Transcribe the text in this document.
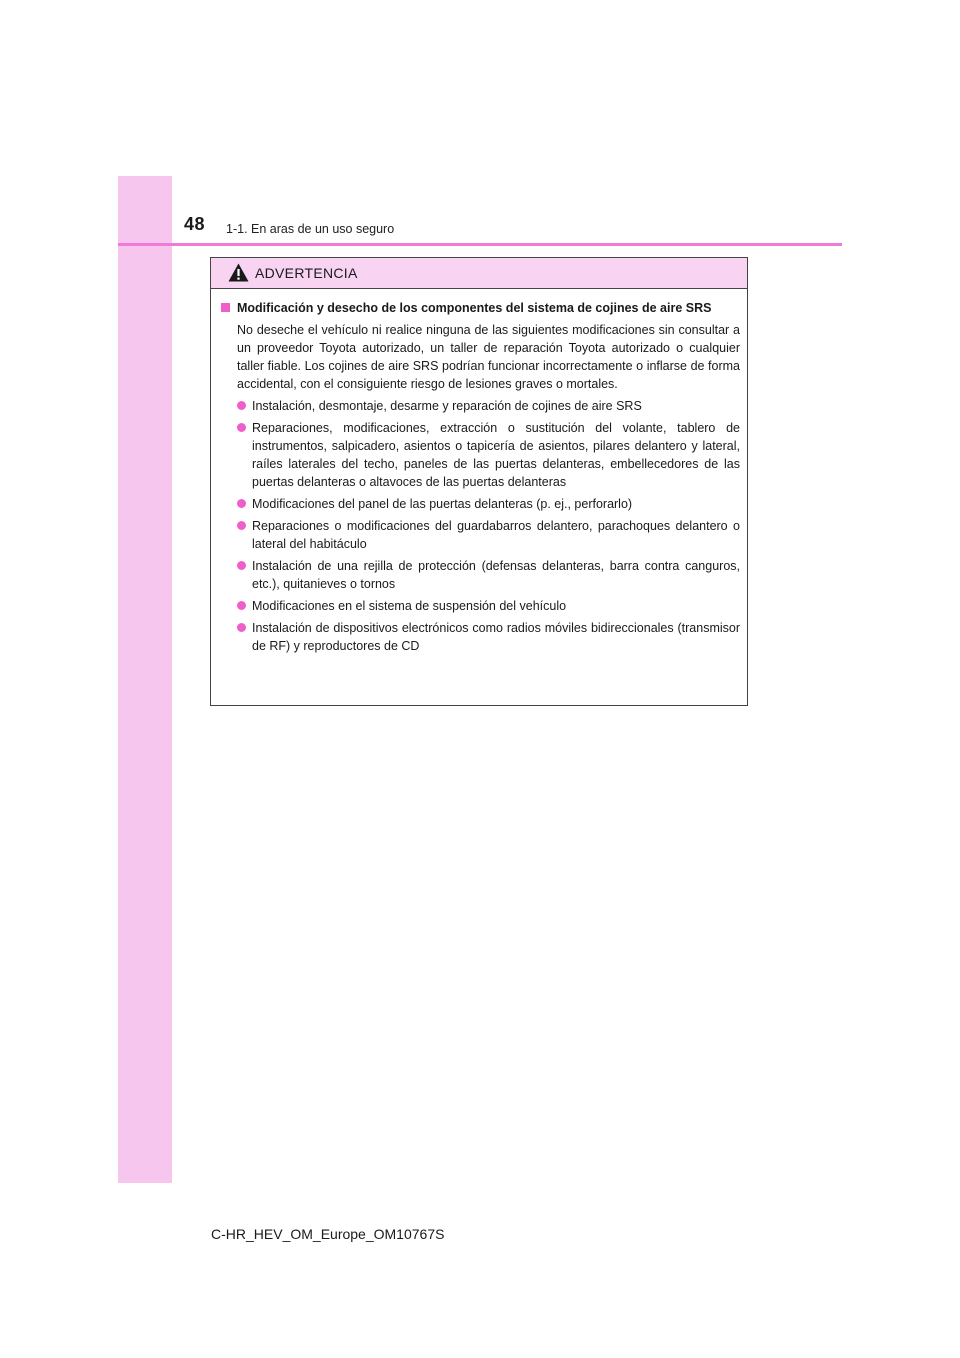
48 1-1. En aras de un uso seguro
ADVERTENCIA
Modificación y desecho de los componentes del sistema de cojines de aire SRS

No deseche el vehículo ni realice ninguna de las siguientes modificaciones sin consultar a un proveedor Toyota autorizado, un taller de reparación Toyota autorizado o cualquier taller fiable. Los cojines de aire SRS podrían funcionar incorrectamente o inflarse de forma accidental, con el consiguiente riesgo de lesiones graves o mortales.

Instalación, desmontaje, desarme y reparación de cojines de aire SRS
Reparaciones, modificaciones, extracción o sustitución del volante, tablero de instrumentos, salpicadero, asientos o tapicería de asientos, pilares delantero y lateral, raíles laterales del techo, paneles de las puertas delanteras, embellecedores de las puertas delanteras o altavoces de las puertas delanteras
Modificaciones del panel de las puertas delanteras (p. ej., perforarlo)
Reparaciones o modificaciones del guardabarros delantero, parachoques delantero o lateral del habitáculo
Instalación de una rejilla de protección (defensas delanteras, barra contra canguros, etc.), quitanieves o tornos
Modificaciones en el sistema de suspensión del vehículo
Instalación de dispositivos electrónicos como radios móviles bidireccionales (transmisor de RF) y reproductores de CD
C-HR_HEV_OM_Europe_OM10767S
